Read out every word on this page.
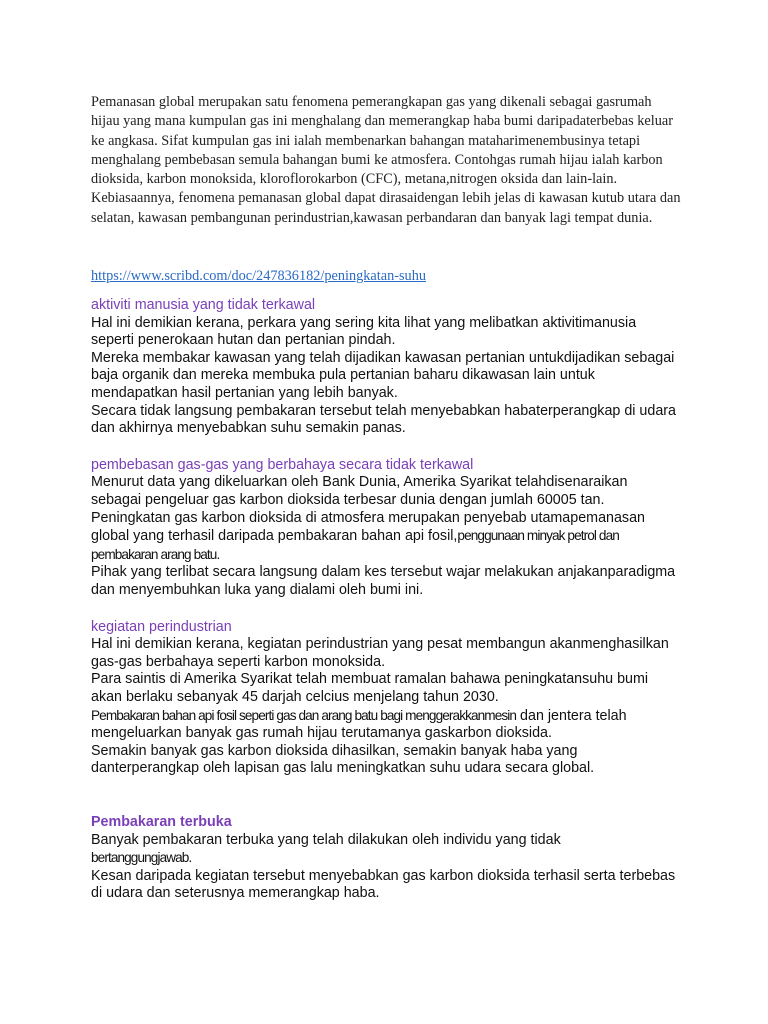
Pemanasan global merupakan satu fenomena pemerangkapan gas yang dikenali sebagai gasrumah hijau yang mana kumpulan gas ini menghalang dan memerangkap haba bumi daripadaterbebas keluar ke angkasa. Sifat kumpulan gas ini ialah membenarkan bahangan mataharimenembusinya tetapi menghalang pembebasan semula bahangan bumi ke atmosfera. Contohgas rumah hijau ialah karbon dioksida, karbon monoksida, kloroflorokarbon (CFC), metana,nitrogen oksida dan lain-lain. Kebiasaannya, fenomena pemanasan global dapat dirasaidengan lebih jelas di kawasan kutub utara dan selatan, kawasan pembangunan perindustrian,kawasan perbandaran dan banyak lagi tempat dunia.

https://www.scribd.com/doc/247836182/peningkatan-suhu

aktiviti manusia yang tidak terkawal

Hal ini demikian kerana, perkara yang sering kita lihat yang melibatkan aktivitimanusia seperti penerokaan hutan dan pertanian pindah.

Mereka membakar kawasan yang telah dijadikan kawasan pertanian untukdijadikan sebagai baja organik dan mereka membuka pula pertanian baharu dikawasan lain untuk mendapatkan hasil pertanian yang lebih banyak.

Secara tidak langsung pembakaran tersebut telah menyebabkan habaterperangkap di udara dan akhirnya menyebabkan suhu semakin panas.

pembebasan gas-gas yang berbahaya secara tidak terkawal

Menurut data yang dikeluarkan oleh Bank Dunia, Amerika Syarikat telahdisenaraikan sebagai pengeluar gas karbon dioksida terbesar dunia dengan jumlah 60005 tan.

Peningkatan gas karbon dioksida di atmosfera merupakan penyebab utamapemanasan global yang terhasil daripada pembakaran bahan api fosil,penggunaan minyak petrol dan pembakaran arang batu.

Pihak yang terlibat secara langsung dalam kes tersebut wajar melakukan anjakanparadigma dan menyembuhkan luka yang dialami oleh bumi ini.

kegiatan perindustrian

Hal ini demikian kerana, kegiatan perindustrian yang pesat membangun akanmenghasilkan gas-gas berbahaya seperti karbon monoksida.

Para saintis di Amerika Syarikat telah membuat ramalan bahawa peningkatansuhu bumi akan berlaku sebanyak 45 darjah celcius menjelang tahun 2030.

Pembakaran bahan api fosil seperti gas dan arang batu bagi menggerakkanmesin dan jentera telah mengeluarkan banyak gas rumah hijau terutamanya gaskarbon dioksida.

Semakin banyak gas karbon dioksida dihasilkan, semakin banyak haba yang danterperangkap oleh lapisan gas lalu meningkatkan suhu udara secara global.

Pembakaran terbuka

Banyak pembakaran terbuka yang telah dilakukan oleh individu yang tidak

bertanggungjawab.

Kesan daripada kegiatan tersebut menyebabkan gas karbon dioksida terhasil serta terbebas di udara dan seterusnya memerangkap haba.
